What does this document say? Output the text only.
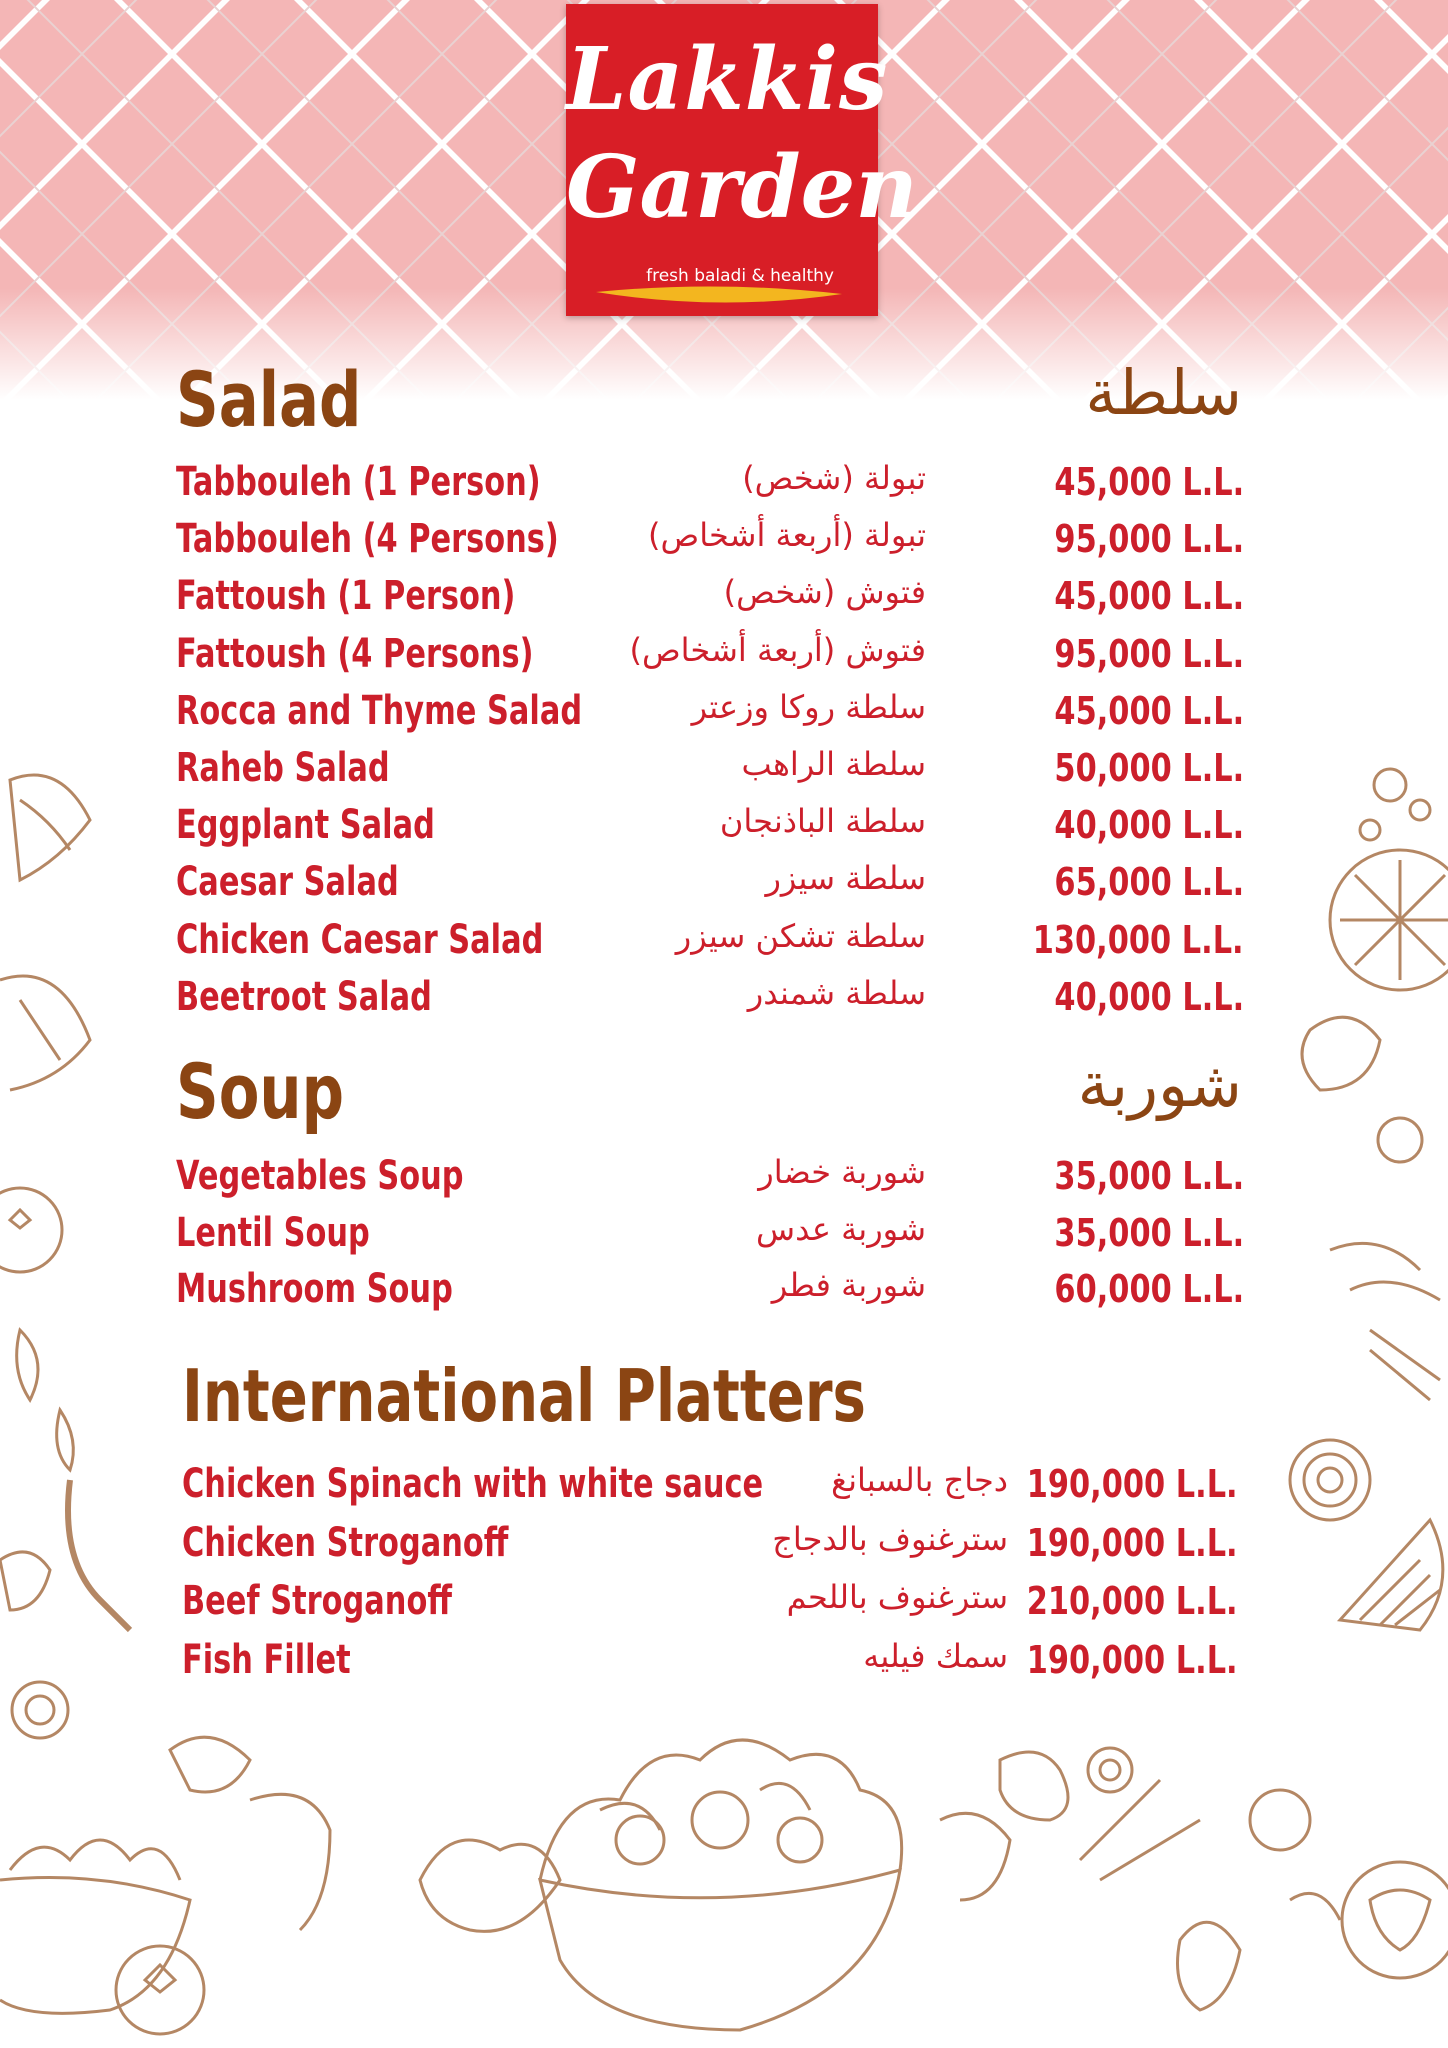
Lakkis
Garden
fresh baladi & healthy
Salad	سلطة
Tabbouleh (1 Person)	تبولة (شخص)	45,000 L.L.
Tabbouleh (4 Persons)	تبولة (أربعة أشخاص)	95,000 L.L.
Fattoush (1 Person)	فتوش (شخص)	45,000 L.L.
Fattoush (4 Persons)	فتوش (أربعة أشخاص)	95,000 L.L.
Rocca and Thyme Salad	سلطة روكا وزعتر	45,000 L.L.
Raheb Salad	سلطة الراهب	50,000 L.L.
Eggplant Salad	سلطة الباذنجان	40,000 L.L.
Caesar Salad	سلطة سيزر	65,000 L.L.
Chicken Caesar Salad	سلطة تشكن سيزر	130,000 L.L.
Beetroot Salad	سلطة شمندر	40,000 L.L.
Soup	شوربة
Vegetables Soup	شوربة خضار	35,000 L.L.
Lentil Soup	شوربة عدس	35,000 L.L.
Mushroom Soup	شوربة فطر	60,000 L.L.
International Platters
Chicken Spinach with white sauce دجاج بالسبانغ 190,000 L.L.
Chicken Stroganoff	سترغنوف بالدجاج 190,000 L.L.
Beef Stroganoff	سترغنوف باللحم 210,000 L.L.
Fish Fillet	سمك فيليه 190,000 L.L.
